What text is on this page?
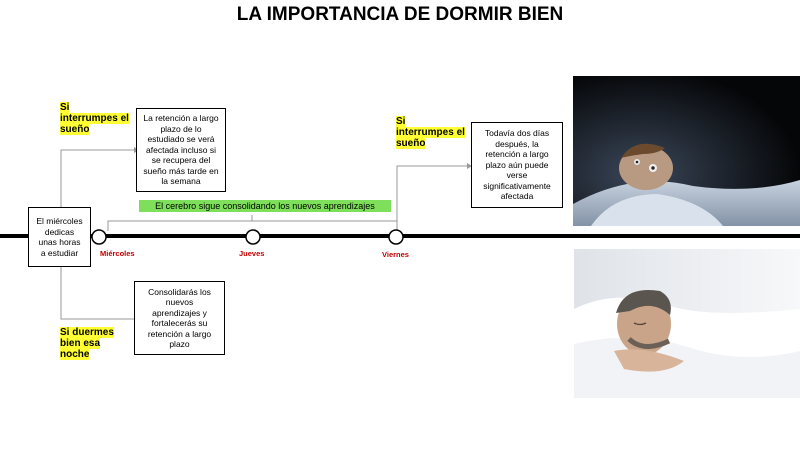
LA IMPORTANCIA DE DORMIR BIEN
Miércoles	Jueves	Viernes
El miércoles dedicas unas horas a estudiar
Si interrumpes el sueño
La retención a largo plazo de lo estudiado se verá afectada incluso si se recupera del sueño más tarde en la semana
Si duermes bien esa noche
Consolidarás los nuevos aprendizajes y fortalecerás su retención a largo plazo
Si interrumpes el sueño
Todavía dos días después, la retención a largo plazo aún puede verse significativamente afectada
El cerebro sigue consolidando los nuevos aprendizajes
